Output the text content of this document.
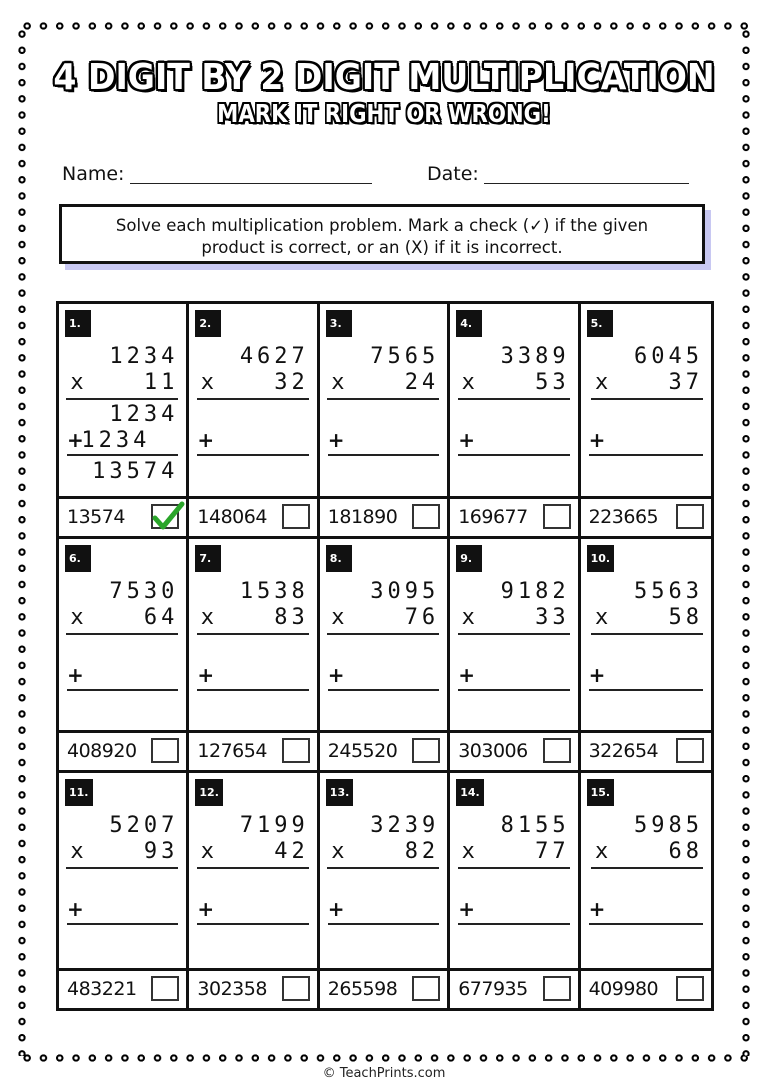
4 DIGIT BY 2 DIGIT MULTIPLICATION
MARK IT RIGHT OR WRONG!
Name:	Date:
Solve each multiplication problem. Mark a check (✓) if the given
product is correct, or an (X) if it is incorrect.
1.
1234
x	11
1234
1234
13574
+
13574
2.
4627
x	32
+
148064
3.
7565
x	24
+
181890
4.
3389
x	53
+
169677
5.
6045
x	37
+
223665
6.
7530
x	64
+
408920
7.
1538
x	83
+
127654
8.
3095
x	76
+
245520
9.
9182
x	33
+
303006
10.
5563
x	58
+
322654
11.
5207
x	93
+
483221
12.
7199
x	42
+
302358
13.
3239
x	82
+
265598
14.
8155
x	77
+
677935
15.
5985
x	68
+
409980
© TeachPrints.com
